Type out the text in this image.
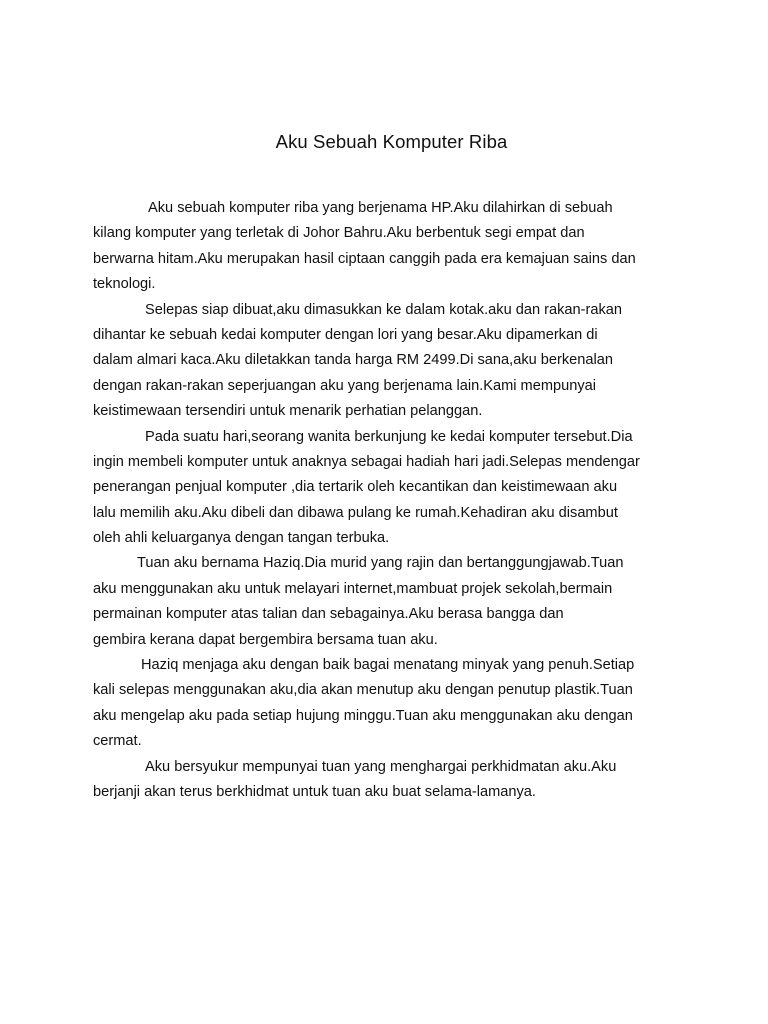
Aku Sebuah Komputer Riba
Aku sebuah komputer riba yang berjenama HP.Aku dilahirkan di sebuah
kilang komputer yang terletak di Johor Bahru.Aku berbentuk segi empat dan
berwarna hitam.Aku merupakan hasil ciptaan canggih pada era kemajuan sains dan
teknologi.
Selepas siap dibuat,aku dimasukkan ke dalam kotak.aku dan rakan-rakan
dihantar ke sebuah kedai komputer dengan lori yang besar.Aku dipamerkan di
dalam almari kaca.Aku diletakkan tanda harga RM 2499.Di sana,aku berkenalan
dengan rakan-rakan seperjuangan aku yang berjenama lain.Kami mempunyai
keistimewaan tersendiri untuk menarik perhatian pelanggan.
Pada suatu hari,seorang wanita berkunjung ke kedai komputer tersebut.Dia
ingin membeli komputer untuk anaknya sebagai hadiah hari jadi.Selepas mendengar
penerangan penjual komputer ,dia tertarik oleh kecantikan dan keistimewaan aku
lalu memilih aku.Aku dibeli dan dibawa pulang ke rumah.Kehadiran aku disambut
oleh ahli keluarganya dengan tangan terbuka.
Tuan aku bernama Haziq.Dia murid yang rajin dan bertanggungjawab.Tuan
aku menggunakan aku untuk melayari internet,mambuat projek sekolah,bermain
permainan komputer atas talian dan sebagainya.Aku berasa bangga dan
gembira kerana dapat bergembira bersama tuan aku.
Haziq menjaga aku dengan baik bagai menatang minyak yang penuh.Setiap
kali selepas menggunakan aku,dia akan menutup aku dengan penutup plastik.Tuan
aku mengelap aku pada setiap hujung minggu.Tuan aku menggunakan aku dengan
cermat.
Aku bersyukur mempunyai tuan yang menghargai perkhidmatan aku.Aku
berjanji akan terus berkhidmat untuk tuan aku buat selama-lamanya.
